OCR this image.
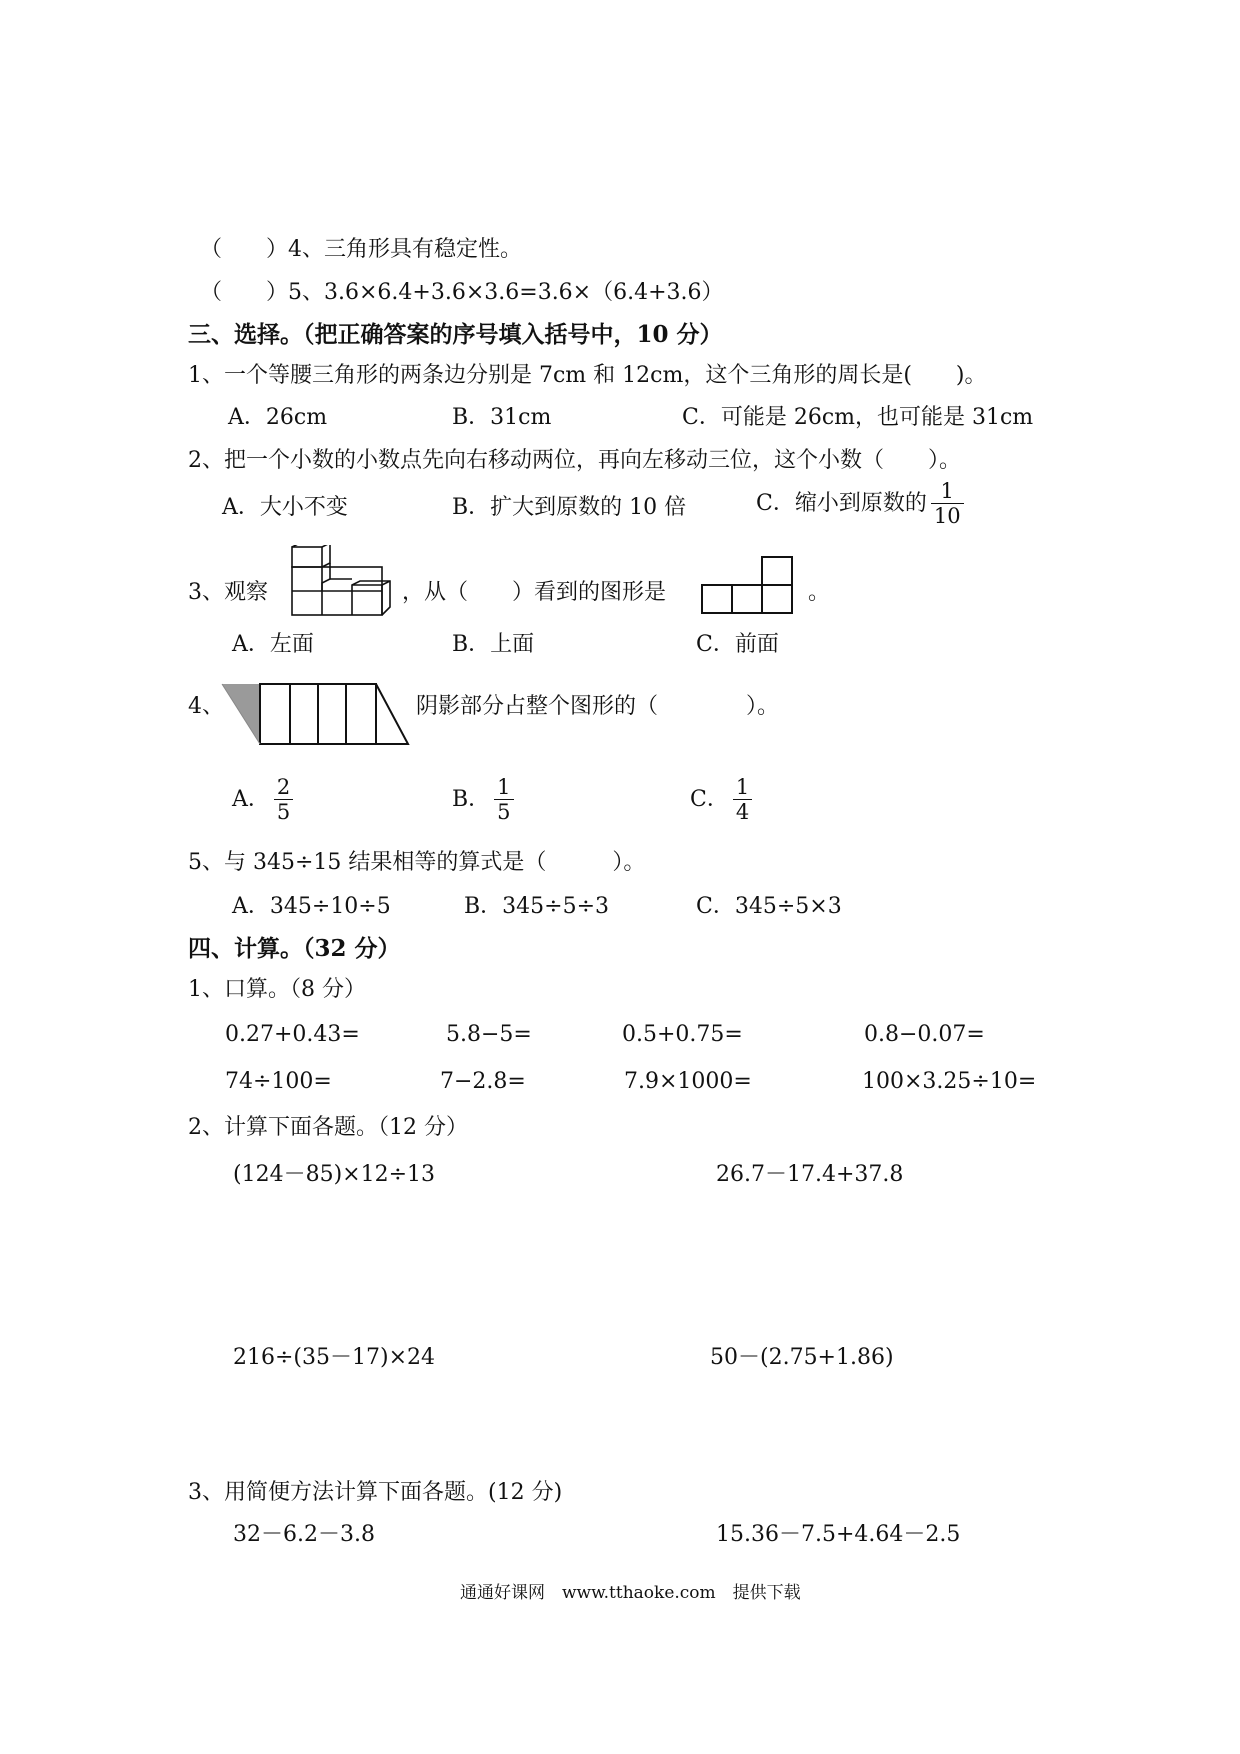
（　　）4、三角形具有稳定性。
（　　）5、3.6×6.4+3.6×3.6=3.6×（6.4+3.6）
三、选择。（把正确答案的序号填入括号中，10 分）
1、一个等腰三角形的两条边分别是 7cm 和 12cm，这个三角形的周长是(　　)。
A．26cm	B．31cm	C．可能是 26cm，也可能是 31cm
2、把一个小数的小数点先向右移动两位，再向左移动三位，这个小数（　　）。
A．大小不变	B．扩大到原数的 10 倍	C．缩小到原数的 $\frac{1}{10}$
3、观察	，从（　　）看到的图形是	。
A．左面	B．上面	C．前面
4、	阴影部分占整个图形的（　　　　）。
A． $\frac{2}{5}$	B． $\frac{1}{5}$	C． $\frac{1}{4}$
5、与 345÷15 结果相等的算式是（　　　）。
A．345÷10÷5	B．345÷5÷3	C．345÷5×3
四、计算。（32 分）
1、口算。（8 分）
0.27+0.43=	5.8−5=	0.5+0.75=	0.8−0.07=
74÷100=	7−2.8=	7.9×1000=	100×3.25÷10=
2、计算下面各题。（12 分）
(124－85)×12÷13	26.7－17.4+37.8
216÷(35－17)×24	50－(2.75+1.86)
3、用简便方法计算下面各题。(12 分)
32－6.2－3.8	15.36－7.5+4.64－2.5
通通好课网　www.tthaoke.com　提供下载
